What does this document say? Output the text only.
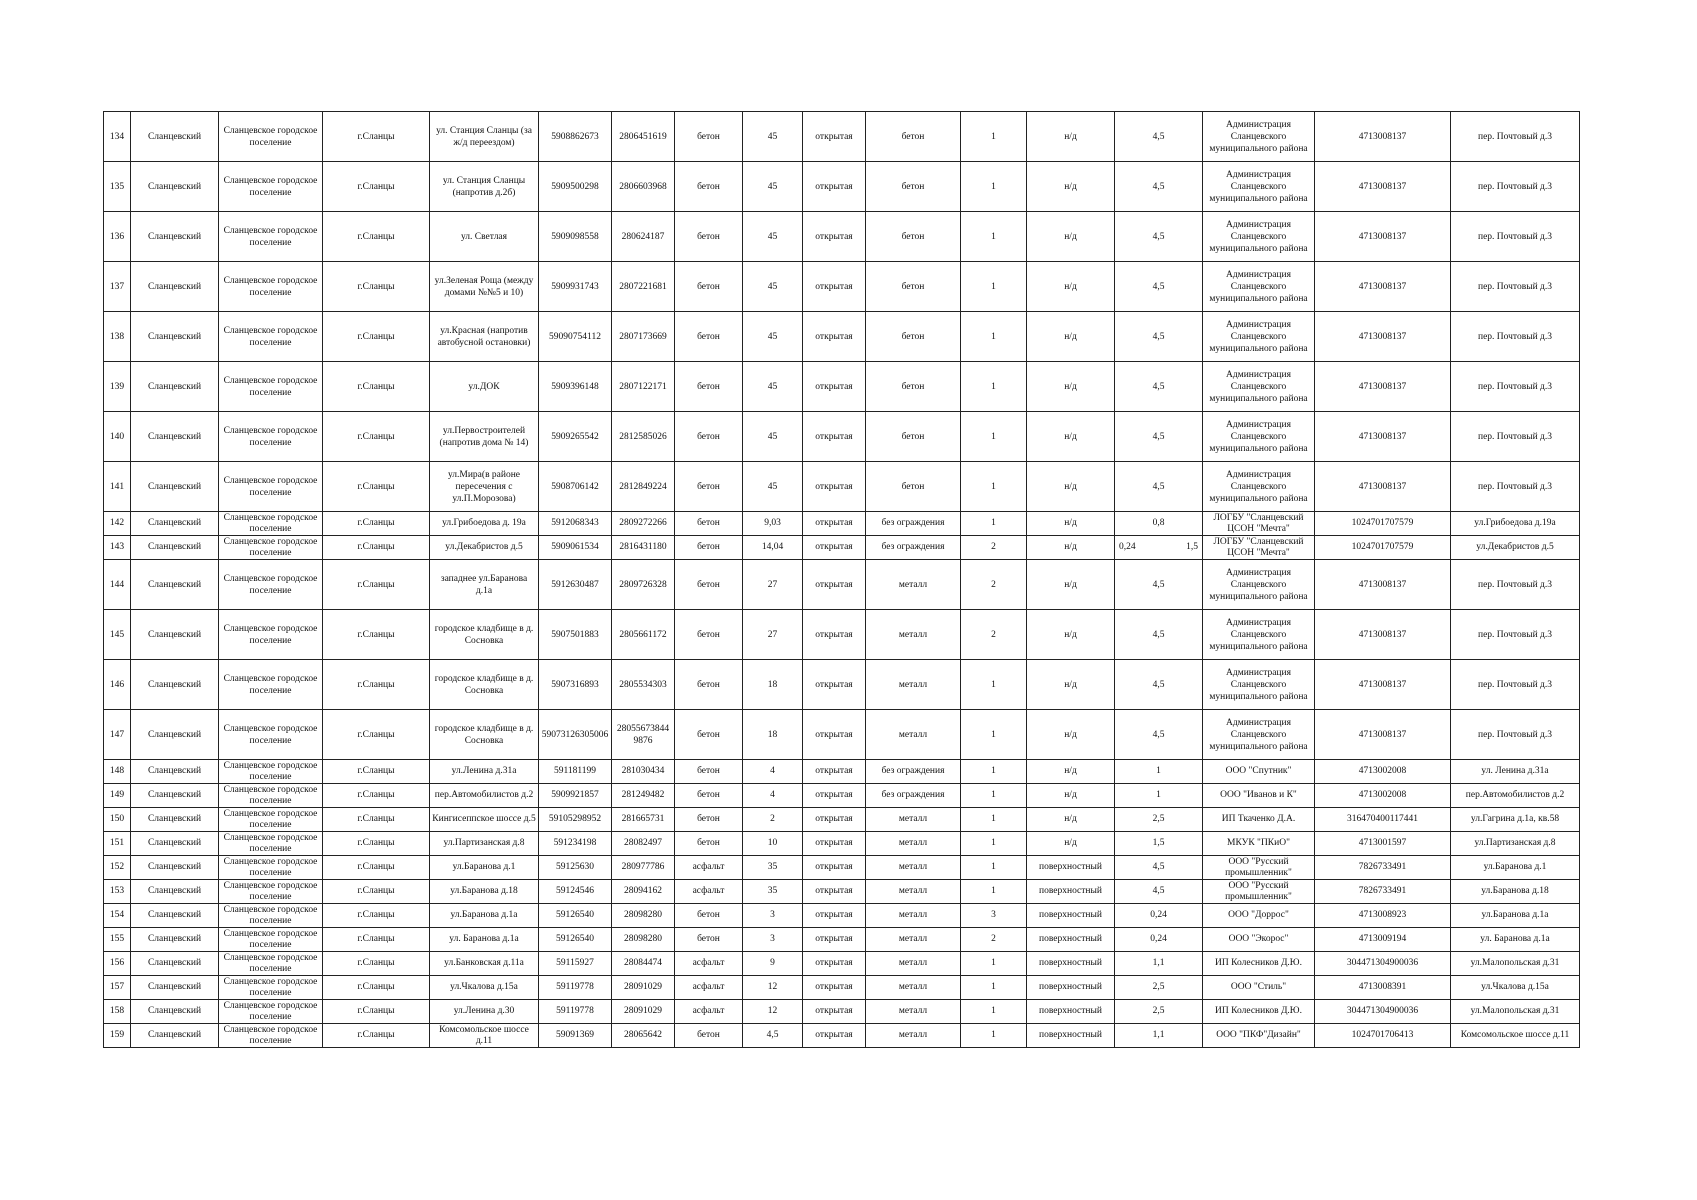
134	Сланцевский	Сланцевское городское поселение	г.Сланцы	ул. Станция Сланцы (за ж/д переездом)	5908862673	2806451619	бетон	45	открытая	бетон	1	н/д	4,5	Администрация Сланцевского муниципального района	4713008137	пер. Почтовый д.3
135	Сланцевский	Сланцевское городское поселение	г.Сланцы	ул. Станция Сланцы (напротив д.2б)	5909500298	2806603968	бетон	45	открытая	бетон	1	н/д	4,5	Администрация Сланцевского муниципального района	4713008137	пер. Почтовый д.3
136	Сланцевский	Сланцевское городское поселение	г.Сланцы	ул. Светлая	5909098558	280624187	бетон	45	открытая	бетон	1	н/д	4,5	Администрация Сланцевского муниципального района	4713008137	пер. Почтовый д.3
137	Сланцевский	Сланцевское городское поселение	г.Сланцы	ул.Зеленая Роща (между домами №№5 и 10)	5909931743	2807221681	бетон	45	открытая	бетон	1	н/д	4,5	Администрация Сланцевского муниципального района	4713008137	пер. Почтовый д.3
138	Сланцевский	Сланцевское городское поселение	г.Сланцы	ул.Красная (напротив автобусной остановки)	59090754112	2807173669	бетон	45	открытая	бетон	1	н/д	4,5	Администрация Сланцевского муниципального района	4713008137	пер. Почтовый д.3
139	Сланцевский	Сланцевское городское поселение	г.Сланцы	ул.ДОК	5909396148	2807122171	бетон	45	открытая	бетон	1	н/д	4,5	Администрация Сланцевского муниципального района	4713008137	пер. Почтовый д.3
140	Сланцевский	Сланцевское городское поселение	г.Сланцы	ул.Первостроителей (напротив дома № 14)	5909265542	2812585026	бетон	45	открытая	бетон	1	н/д	4,5	Администрация Сланцевского муниципального района	4713008137	пер. Почтовый д.3
141	Сланцевский	Сланцевское городское поселение	г.Сланцы	ул.Мира(в районе пересечения с ул.П.Морозова)	5908706142	2812849224	бетон	45	открытая	бетон	1	н/д	4,5	Администрация Сланцевского муниципального района	4713008137	пер. Почтовый д.3
142	Сланцевский	Сланцевское городское поселение	г.Сланцы	ул.Грибоедова д. 19а	5912068343	2809272266	бетон	9,03	открытая	без ограждения	1	н/д	0,8	ЛОГБУ "Сланцевский ЦСОН "Мечта"	1024701707579	ул.Грибоедова д.19а
143	Сланцевский	Сланцевское городское поселение	г.Сланцы	ул.Декабристов д.5	5909061534	2816431180	бетон	14,04	открытая	без ограждения	2	н/д	0,24 1,5	ЛОГБУ "Сланцевский ЦСОН "Мечта"	1024701707579	ул.Декабристов д.5
144	Сланцевский	Сланцевское городское поселение	г.Сланцы	западнее ул.Баранова д.1а	5912630487	2809726328	бетон	27	открытая	металл	2	н/д	4,5	Администрация Сланцевского муниципального района	4713008137	пер. Почтовый д.3
145	Сланцевский	Сланцевское городское поселение	г.Сланцы	городское кладбище в д. Сосновка	5907501883	2805661172	бетон	27	открытая	металл	2	н/д	4,5	Администрация Сланцевского муниципального района	4713008137	пер. Почтовый д.3
146	Сланцевский	Сланцевское городское поселение	г.Сланцы	городское кладбище в д. Сосновка	5907316893	2805534303	бетон	18	открытая	металл	1	н/д	4,5	Администрация Сланцевского муниципального района	4713008137	пер. Почтовый д.3
147	Сланцевский	Сланцевское городское поселение	г.Сланцы	городское кладбище в д. Сосновка	59073126305006	28055673844 9876	бетон	18	открытая	металл	1	н/д	4,5	Администрация Сланцевского муниципального района	4713008137	пер. Почтовый д.3
148	Сланцевский	Сланцевское городское поселение	г.Сланцы	ул.Ленина д.31а	591181199	281030434	бетон	4	открытая	без ограждения	1	н/д	1	ООО "Спутник"	4713002008	ул. Ленина д.31а
149	Сланцевский	Сланцевское городское поселение	г.Сланцы	пер.Автомобилистов д.2	5909921857	281249482	бетон	4	открытая	без ограждения	1	н/д	1	ООО "Иванов и К"	4713002008	пер.Автомобилистов д.2
150	Сланцевский	Сланцевское городское поселение	г.Сланцы	Кингисеппское шоссе д.5	59105298952	281665731	бетон	2	открытая	металл	1	н/д	2,5	ИП Ткаченко Д.А.	316470400117441	ул.Гагрина д.1а, кв.58
151	Сланцевский	Сланцевское городское поселение	г.Сланцы	ул.Партизанская д.8	591234198	28082497	бетон	10	открытая	металл	1	н/д	1,5	МКУК "ПКиО"	4713001597	ул.Партизанская д.8
152	Сланцевский	Сланцевское городское поселение	г.Сланцы	ул.Баранова д.1	59125630	280977786	асфальт	35	открытая	металл	1	поверхностный	4,5	ООО "Русский промышленник"	7826733491	ул.Баранова д.1
153	Сланцевский	Сланцевское городское поселение	г.Сланцы	ул.Баранова д.18	59124546	28094162	асфальт	35	открытая	металл	1	поверхностный	4,5	ООО "Русский промышленник"	7826733491	ул.Баранова д.18
154	Сланцевский	Сланцевское городское поселение	г.Сланцы	ул.Баранова д.1а	59126540	28098280	бетон	3	открытая	металл	3	поверхностный	0,24	ООО "Доррос"	4713008923	ул.Баранова д.1а
155	Сланцевский	Сланцевское городское поселение	г.Сланцы	ул. Баранова д.1а	59126540	28098280	бетон	3	открытая	металл	2	поверхностный	0,24	ООО "Экорос"	4713009194	ул. Баранова д.1а
156	Сланцевский	Сланцевское городское поселение	г.Сланцы	ул.Банковская д.11а	59115927	28084474	асфальт	9	открытая	металл	1	поверхностный	1,1	ИП Колесников Д.Ю.	304471304900036	ул.Малопольская д.31
157	Сланцевский	Сланцевское городское поселение	г.Сланцы	ул.Чкалова д.15а	59119778	28091029	асфальт	12	открытая	металл	1	поверхностный	2,5	ООО "Стиль"	4713008391	ул.Чкалова д.15а
158	Сланцевский	Сланцевское городское поселение	г.Сланцы	ул.Ленина д.30	59119778	28091029	асфальт	12	открытая	металл	1	поверхностный	2,5	ИП Колесников Д.Ю.	304471304900036	ул.Малопольская д.31
159	Сланцевский	Сланцевское городское поселение	г.Сланцы	Комсомольское шоссе д.11	59091369	28065642	бетон	4,5	открытая	металл	1	поверхностный	1,1	ООО "ПКФ"Дизайн"	1024701706413	Комсомольское шоссе д.11
